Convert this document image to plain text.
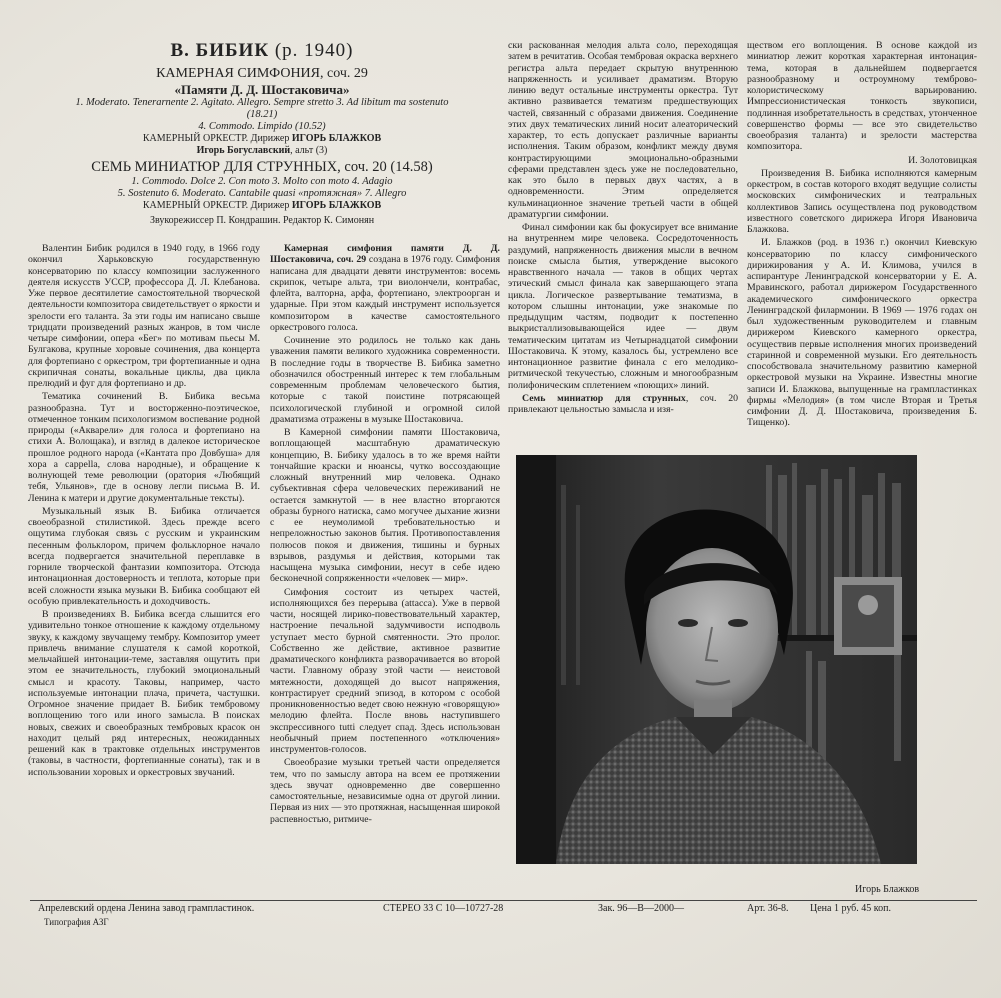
В. БИБИК (р. 1940)
КАМЕРНАЯ СИМФОНИЯ, соч. 29
«Памяти Д. Д. Шостаковича»
1. Moderato. Tenerarnente 2. Agitato. Allegro. Sempre stretto 3. Ad libitum ma sostenuto
(18.21)
4. Commodo. Limpido (10.52)
КАМЕРНЫЙ ОРКЕСТР. Дирижер ИГОРЬ БЛАЖКОВ
Игорь Богуславский, альт (3)
СЕМЬ МИНИАТЮР ДЛЯ СТРУННЫХ, соч. 20 (14.58)
1. Commodo. Dolce 2. Con moto 3. Molto con moto 4. Adagio
5. Sostenuto 6. Moderato. Cantabile quasi «протяжная» 7. Allegro
КАМЕРНЫЙ ОРКЕСТР. Дирижер ИГОРЬ БЛАЖКОВ
Звукорежиссер П. Кондрашин. Редактор К. Симонян

Валентин Бибик родился в 1940 году, в 1966 году окончил Харьковскую государственную консерваторию по классу композиции заслуженного деятеля искусств УССР, профессора Д. Л. Клебанова. Уже первое десятилетие самостоятельной творческой деятельности композитора свидетельствует о яркости и зрелости его таланта. За эти годы им написано свыше тридцати произведений разных жанров, в том числе четыре симфонии, опера «Бег» по мотивам пьесы М. Булгакова, крупные хоровые сочинения, два концерта для фортепиано с оркестром, три фортепианные и одна скрипичная сонаты, вокальные циклы, два цикла прелюдий и фуг для фортепиано и др.

Тематика сочинений В. Бибика весьма разнообразна. Тут и восторженно-поэтическое, отмеченное тонким психологизмом воспевание родной природы («Акварели» для голоса и фортепиано на стихи А. Волощака), и взгляд в далекое историческое прошлое родного народа («Кантата про Довбуша» для хора a cappella, слова народные), и обращение к волнующей теме революции (оратория «Любящий тебя, Ульянов», где в основу легли письма В. И. Ленина к матери и другие документальные тексты).

Музыкальный язык В. Бибика отличается своеобразной стилистикой. Здесь прежде всего ощутима глубокая связь с русским и украинским песенным фольклором, причем фольклорное начало всегда подвергается значительной переплавке в горниле творческой фантазии композитора. Отсюда интонационная достоверность и теплота, которые при всей сложности языка музыки В. Бибика сообщают ей особую привлекательность и доходчивость.

В произведениях В. Бибика всегда слышится его удивительно тонкое отношение к каждому отдельному звуку, к каждому звучащему тембру. Композитор умеет привлечь внимание слушателя к самой короткой, мельчайшей интонации-теме, заставляя ощутить при этом ее значительность, глубокий эмоциональный смысл и красоту. Таковы, например, часто используемые интонации плача, причета, частушки. Огромное значение придает В. Бибик тембровому воплощению того или иного замысла. В поисках новых, свежих и своеобразных тембровых красок он находит целый ряд интересных, неожиданных решений как в трактовке отдельных инструментов (таковы, в частности, фортепианные сонаты), так и в использовании хоровых и оркестровых звучаний.

Камерная симфония памяти Д. Д. Шостаковича, соч. 29 создана в 1976 году. Симфония написана для двадцати девяти инструментов: восемь скрипок, четыре альта, три виолончели, контрабас, флейта, валторна, арфа, фортепиано, электроорган и ударные. При этом каждый инструмент используется композитором в качестве самостоятельного оркестрового голоса.

Сочинение это родилось не только как дань уважения памяти великого художника современности. В последние годы в творчестве В. Бибика заметно обозначился обостренный интерес к тем глобальным современным проблемам человеческого бытия, которые с такой поистине потрясающей психологической глубиной и огромной силой драматизма отражены в музыке Шостаковича.

В Камерной симфонии памяти Шостаковича, воплощающей масштабную драматическую концепцию, В. Бибику удалось в то же время найти тончайшие краски и нюансы, чутко воссоздающие сложный внутренний мир человека. Однако субъективная сфера человеческих переживаний не остается замкнутой — в нее властно вторгаются образы бурного натиска, само могучее дыхание жизни с ее неумолимой требовательностью и непреложностью законов бытия. Противопоставления полюсов покоя и движения, тишины и бурных взрывов, раздумья и действия, которыми так насыщена музыка симфонии, несут в себе идею бесконечной сопряженности «человек — мир».

Симфония состоит из четырех частей, исполняющихся без перерыва (attacca). Уже в первой части, носящей лирико-повествовательный характер, настроение печальной задумчивости исподволь уступает место бурной смятенности. Это пролог. Собственно же действие, активное развитие драматического конфликта разворачивается во второй части. Главному образу этой части — неистовой мятежности, доходящей до высот напряжения, контрастирует средний эпизод, в котором с особой проникновенностью ведет свою нежную «говорящую» мелодию флейта. После вновь наступившего экспрессивного tutti следует спад. Здесь использован необычный прием постепенного «отключения» инструментов-голосов.

Своеобразие музыки третьей части определяется тем, что по замыслу автора на всем ее протяжении здесь звучат одновременно две совершенно самостоятельные, независимые одна от другой линии. Первая из них — это протяжная, насыщенная широкой распевностью, ритмиче-

ски раскованная мелодия альта соло, переходящая затем в речитатив. Особая тембровая окраска верхнего регистра альта передает скрытую внутреннюю напряженность и усиливает драматизм. Вторую линию ведут остальные инструменты оркестра. Тут активно развивается тематизм предшествующих частей, связанный с образами движения. Соединение этих двух тематических линий носит алеаторический характер, то есть допускает различные варианты исполнения. Таким образом, конфликт между двумя контрастирующими эмоционально-образными сферами представлен здесь уже не последовательно, как это было в первых двух частях, а в одновременности. Этим определяется кульминационное значение третьей части в общей драматургии симфонии.

Финал симфонии как бы фокусирует все внимание на внутреннем мире человека. Сосредоточенность раздумий, напряженность движения мысли в вечном поиске смысла бытия, утверждение высокого нравственного начала — таков в общих чертах этический смысл финала как завершающего этапа цикла. Логическое развертывание тематизма, в котором слышны интонации, уже знакомые по предыдущим частям, подводит к постепенно выкристаллизовывающейся идее — двум тематическим цитатам из Четырнадцатой симфонии Шостаковича. К этому, казалось бы, устремлено все интонационное развитие финала с его мелодико-ритмической текучестью, сложным и многообразным полифоническим сплетением «поющих» линий.

Семь миниатюр для струнных, соч. 20 привлекают цельностью замысла и изя-

ществом его воплощения. В основе каждой из миниатюр лежит короткая характерная интонация-тема, которая в дальнейшем подвергается разнообразному и остроумному темброво-колористическому варьированию. Импрессионистическая тонкость звукописи, подлинная изобретательность в средствах, утонченное совершенство формы — все это свидетельство своеобразия таланта) и зрелости мастерства композитора.

И. Золотовицкая

Произведения В. Бибика исполняются камерным оркестром, в состав которого входят ведущие солисты московских симфонических и театральных коллективов Запись осуществлена под руководством известного советского дирижера Игоря Ивановича Блажкова.

И. Блажков (род. в 1936 г.) окончил Киевскую консерваторию по классу симфонического дирижирования у А. И. Климова, учился в аспирантуре Ленинградской консерватории у Е. А. Мравинского, работал дирижером Государственного академического симфонического оркестра Ленинградской филармонии. В 1969 — 1976 годах он был художественным руководителем и главным дирижером Киевского камерного оркестра, осуществив первые исполнения многих произведений старинной и современной музыки. Его деятельность способствовала значительному развитию камерной оркестровой музыки на Украине. Известны многие записи И. Блажкова, выпущенные на грампластинках фирмы «Мелодия» (в том числе Вторая и Третья симфонии Д. Д. Шостаковича, произведения Б. Тищенко).

Игорь Блажков
Апрелевский ордена Ленина завод грампластинок.
Типография АЗГ
СТЕРЕО 33 С 10—10727-28	Зак. 96—В—2000—	Арт. 36-8. Цена 1 руб. 45 коп.
